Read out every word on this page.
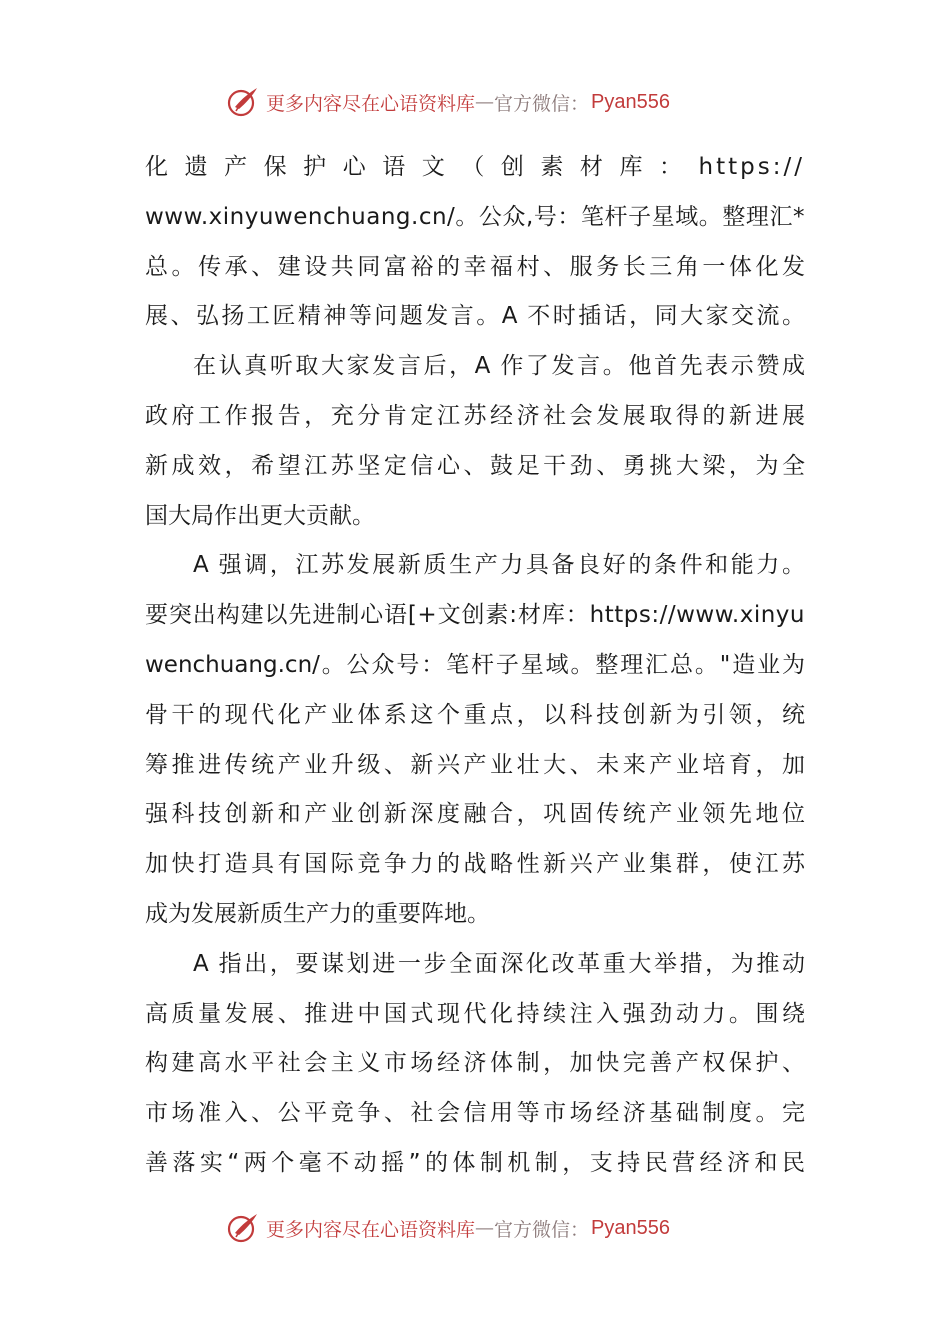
更多内容尽在心语资料库 — 官方微信： Pyan556
化遗产保护心语文（创素材库：https://
www.xinyuwenchuang.cn/。公众,号：笔杆子星域。整理汇*
总。传承、建设共同富裕的幸福村、服务长三角一体化发
展、弘扬工匠精神等问题发言。A 不时插话，同大家交流。
在认真听取大家发言后，A 作了发言。他首先表示赞成
政府工作报告，充分肯定江苏经济社会发展取得的新进展
新成效，希望江苏坚定信心、鼓足干劲、勇挑大梁，为全
国大局作出更大贡献。
A 强调，江苏发展新质生产力具备良好的条件和能力。
要突出构建以先进制心语[+文创素:材库：https://www.xinyu
wenchuang.cn/。公众号：笔杆子星域。整理汇总。"造业为
骨干的现代化产业体系这个重点，以科技创新为引领，统
筹推进传统产业升级、新兴产业壮大、未来产业培育，加
强科技创新和产业创新深度融合，巩固传统产业领先地位
加快打造具有国际竞争力的战略性新兴产业集群，使江苏
成为发展新质生产力的重要阵地。
A 指出，要谋划进一步全面深化改革重大举措，为推动
高质量发展、推进中国式现代化持续注入强劲动力。围绕
构建高水平社会主义市场经济体制，加快完善产权保护、
市场准入、公平竞争、社会信用等市场经济基础制度。完
善落实“两个毫不动摇”的体制机制，支持民营经济和民
更多内容尽在心语资料库 — 官方微信： Pyan556
